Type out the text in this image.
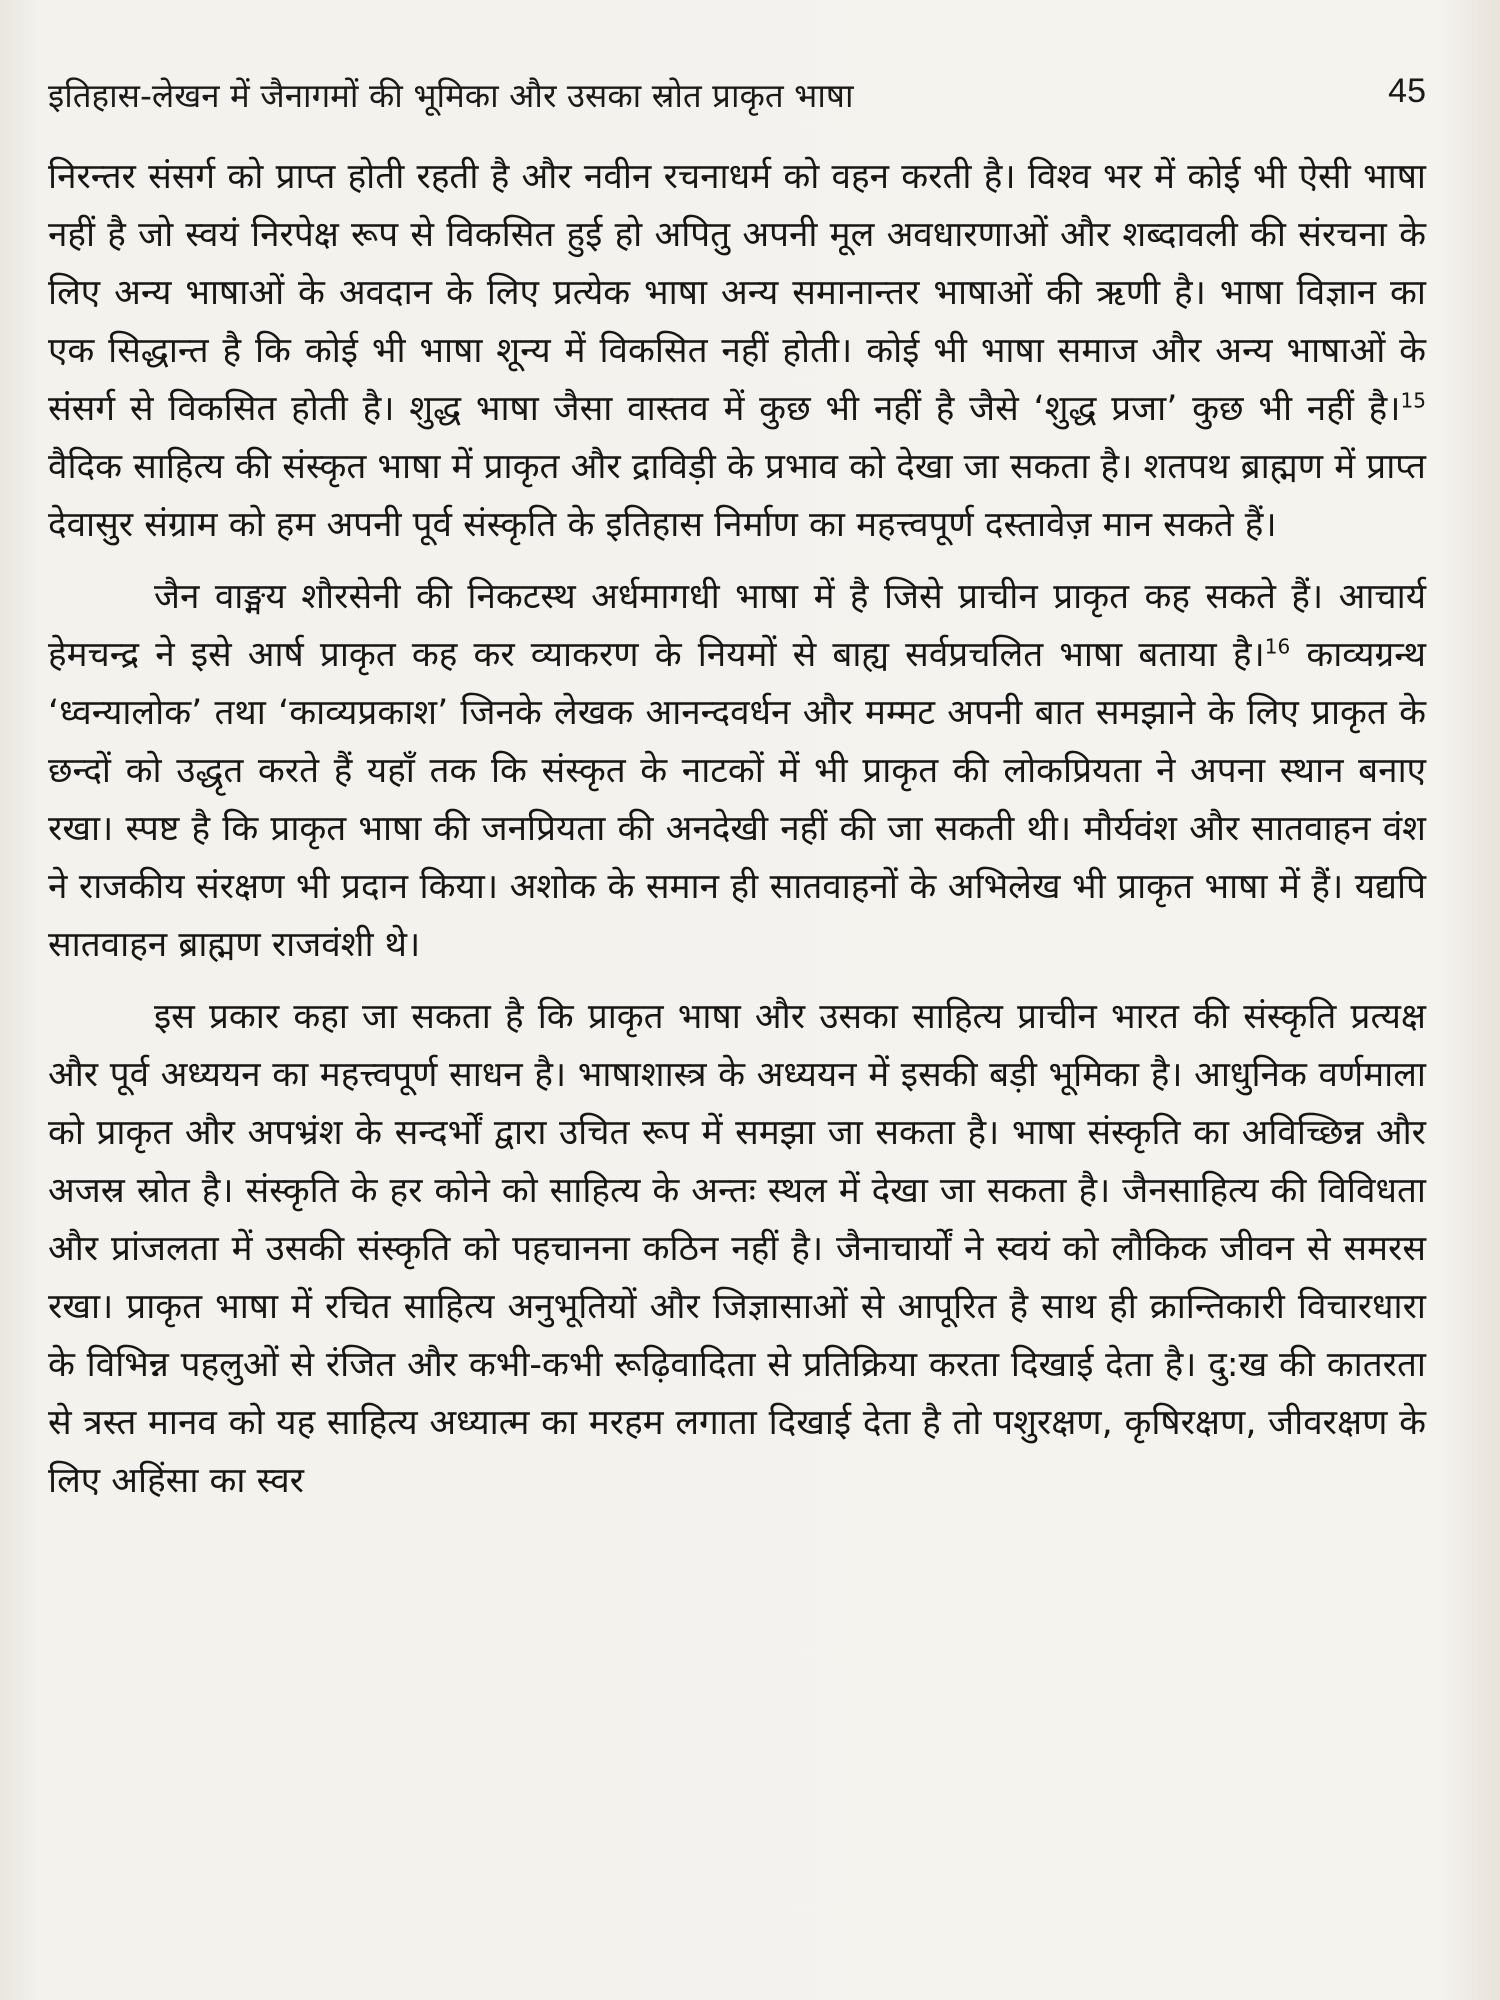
इतिहास-लेखन में जैनागमों की भूमिका और उसका स्रोत प्राकृत भाषा	45

निरन्तर संसर्ग को प्राप्त होती रहती है और नवीन रचनाधर्म को वहन करती है। विश्व भर में कोई भी ऐसी भाषा नहीं है जो स्वयं निरपेक्ष रूप से विकसित हुई हो अपितु अपनी मूल अवधारणाओं और शब्दावली की संरचना के लिए अन्य भाषाओं के अवदान के लिए प्रत्येक भाषा अन्य समानान्तर भाषाओं की ऋणी है। भाषा विज्ञान का एक सिद्धान्त है कि कोई भी भाषा शून्य में विकसित नहीं होती। कोई भी भाषा समाज और अन्य भाषाओं के संसर्ग से विकसित होती है। शुद्ध भाषा जैसा वास्तव में कुछ भी नहीं है जैसे ‘शुद्ध प्रजा’ कुछ भी नहीं है।$^{15}$ वैदिक साहित्य की संस्कृत भाषा में प्राकृत और द्राविड़ी के प्रभाव को देखा जा सकता है। शतपथ ब्राह्मण में प्राप्त देवासुर संग्राम को हम अपनी पूर्व संस्कृति के इतिहास निर्माण का महत्त्वपूर्ण दस्तावेज़ मान सकते हैं।

जैन वाङ्मय शौरसेनी की निकटस्थ अर्धमागधी भाषा में है जिसे प्राचीन प्राकृत कह सकते हैं। आचार्य हेमचन्द्र ने इसे आर्ष प्राकृत कह कर व्याकरण के नियमों से बाह्य सर्वप्रचलित भाषा बताया है।$^{16}$ काव्यग्रन्थ ‘ध्वन्यालोक’ तथा ‘काव्यप्रकाश’ जिनके लेखक आनन्दवर्धन और मम्मट अपनी बात समझाने के लिए प्राकृत के छन्दों को उद्धृत करते हैं यहाँ तक कि संस्कृत के नाटकों में भी प्राकृत की लोकप्रियता ने अपना स्थान बनाए रखा। स्पष्ट है कि प्राकृत भाषा की जनप्रियता की अनदेखी नहीं की जा सकती थी। मौर्यवंश और सातवाहन वंश ने राजकीय संरक्षण भी प्रदान किया। अशोक के समान ही सातवाहनों के अभिलेख भी प्राकृत भाषा में हैं। यद्यपि सातवाहन ब्राह्मण राजवंशी थे।

इस प्रकार कहा जा सकता है कि प्राकृत भाषा और उसका साहित्य प्राचीन भारत की संस्कृति प्रत्यक्ष और पूर्व अध्ययन का महत्त्वपूर्ण साधन है। भाषाशास्त्र के अध्ययन में इसकी बड़ी भूमिका है। आधुनिक वर्णमाला को प्राकृत और अपभ्रंश के सन्दर्भों द्वारा उचित रूप में समझा जा सकता है। भाषा संस्कृति का अविच्छिन्न और अजस्र स्रोत है। संस्कृति के हर कोने को साहित्य के अन्तः स्थल में देखा जा सकता है। जैनसाहित्य की विविधता और प्रांजलता में उसकी संस्कृति को पहचानना कठिन नहीं है। जैनाचार्यों ने स्वयं को लौकिक जीवन से समरस रखा। प्राकृत भाषा में रचित साहित्य अनुभूतियों और जिज्ञासाओं से आपूरित है साथ ही क्रान्तिकारी विचारधारा के विभिन्न पहलुओं से रंजित और कभी-कभी रूढ़िवादिता से प्रतिक्रिया करता दिखाई देता है। दु:ख की कातरता से त्रस्त मानव को यह साहित्य अध्यात्म का मरहम लगाता दिखाई देता है तो पशुरक्षण, कृषिरक्षण, जीवरक्षण के लिए अहिंसा का स्वर
